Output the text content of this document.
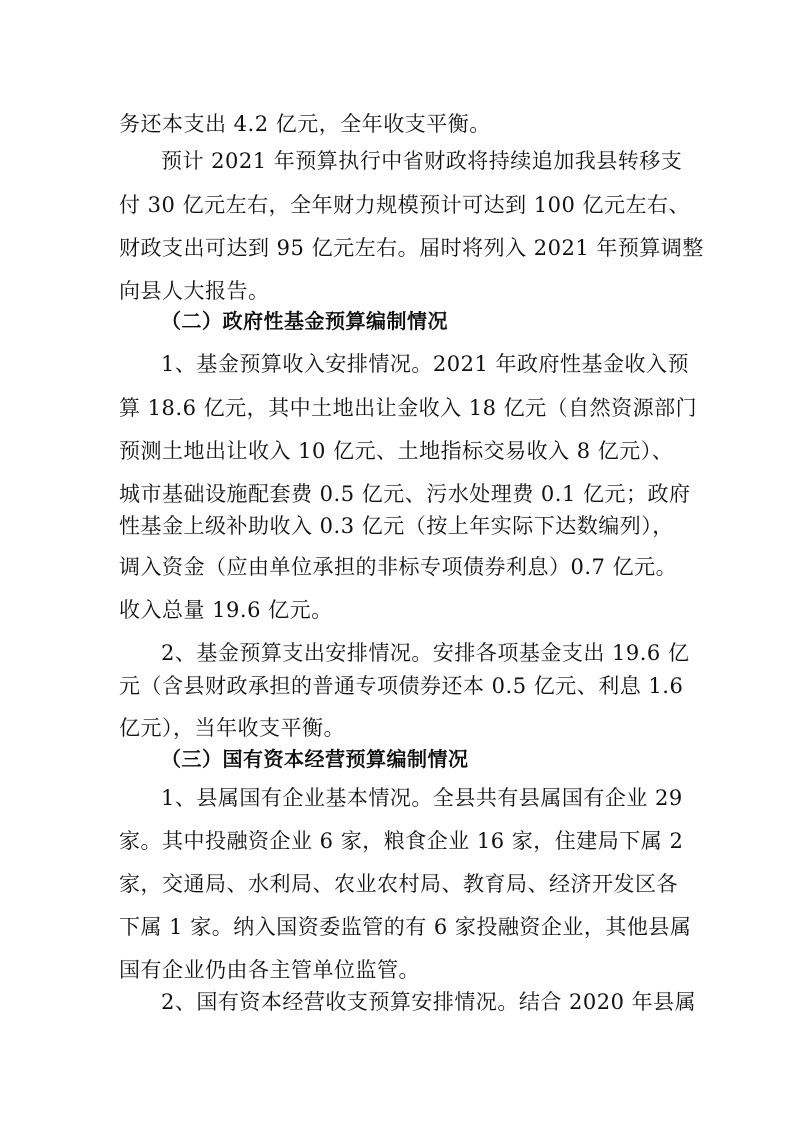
务还本支出 4.2 亿元，全年收支平衡。
预计 2021 年预算执行中省财政将持续追加我县转移支
付 30 亿元左右，全年财力规模预计可达到 100 亿元左右、
财政支出可达到 95 亿元左右。届时将列入 2021 年预算调整
向县人大报告。
（二）政府性基金预算编制情况
1、基金预算收入安排情况。2021 年政府性基金收入预
算 18.6 亿元，其中土地出让金收入 18 亿元（自然资源部门
预测土地出让收入 10 亿元、土地指标交易收入 8 亿元）、
城市基础设施配套费 0.5 亿元、污水处理费 0.1 亿元；政府
性基金上级补助收入 0.3 亿元（按上年实际下达数编列），
调入资金（应由单位承担的非标专项债券利息）0.7 亿元。
收入总量 19.6 亿元。
2、基金预算支出安排情况。安排各项基金支出 19.6 亿
元（含县财政承担的普通专项债券还本 0.5 亿元、利息 1.6
亿元），当年收支平衡。
（三）国有资本经营预算编制情况
1、县属国有企业基本情况。全县共有县属国有企业 29
家。其中投融资企业 6 家，粮食企业 16 家，住建局下属 2
家，交通局、水利局、农业农村局、教育局、经济开发区各
下属 1 家。纳入国资委监管的有 6 家投融资企业，其他县属
国有企业仍由各主管单位监管。
2、国有资本经营收支预算安排情况。结合 2020 年县属
